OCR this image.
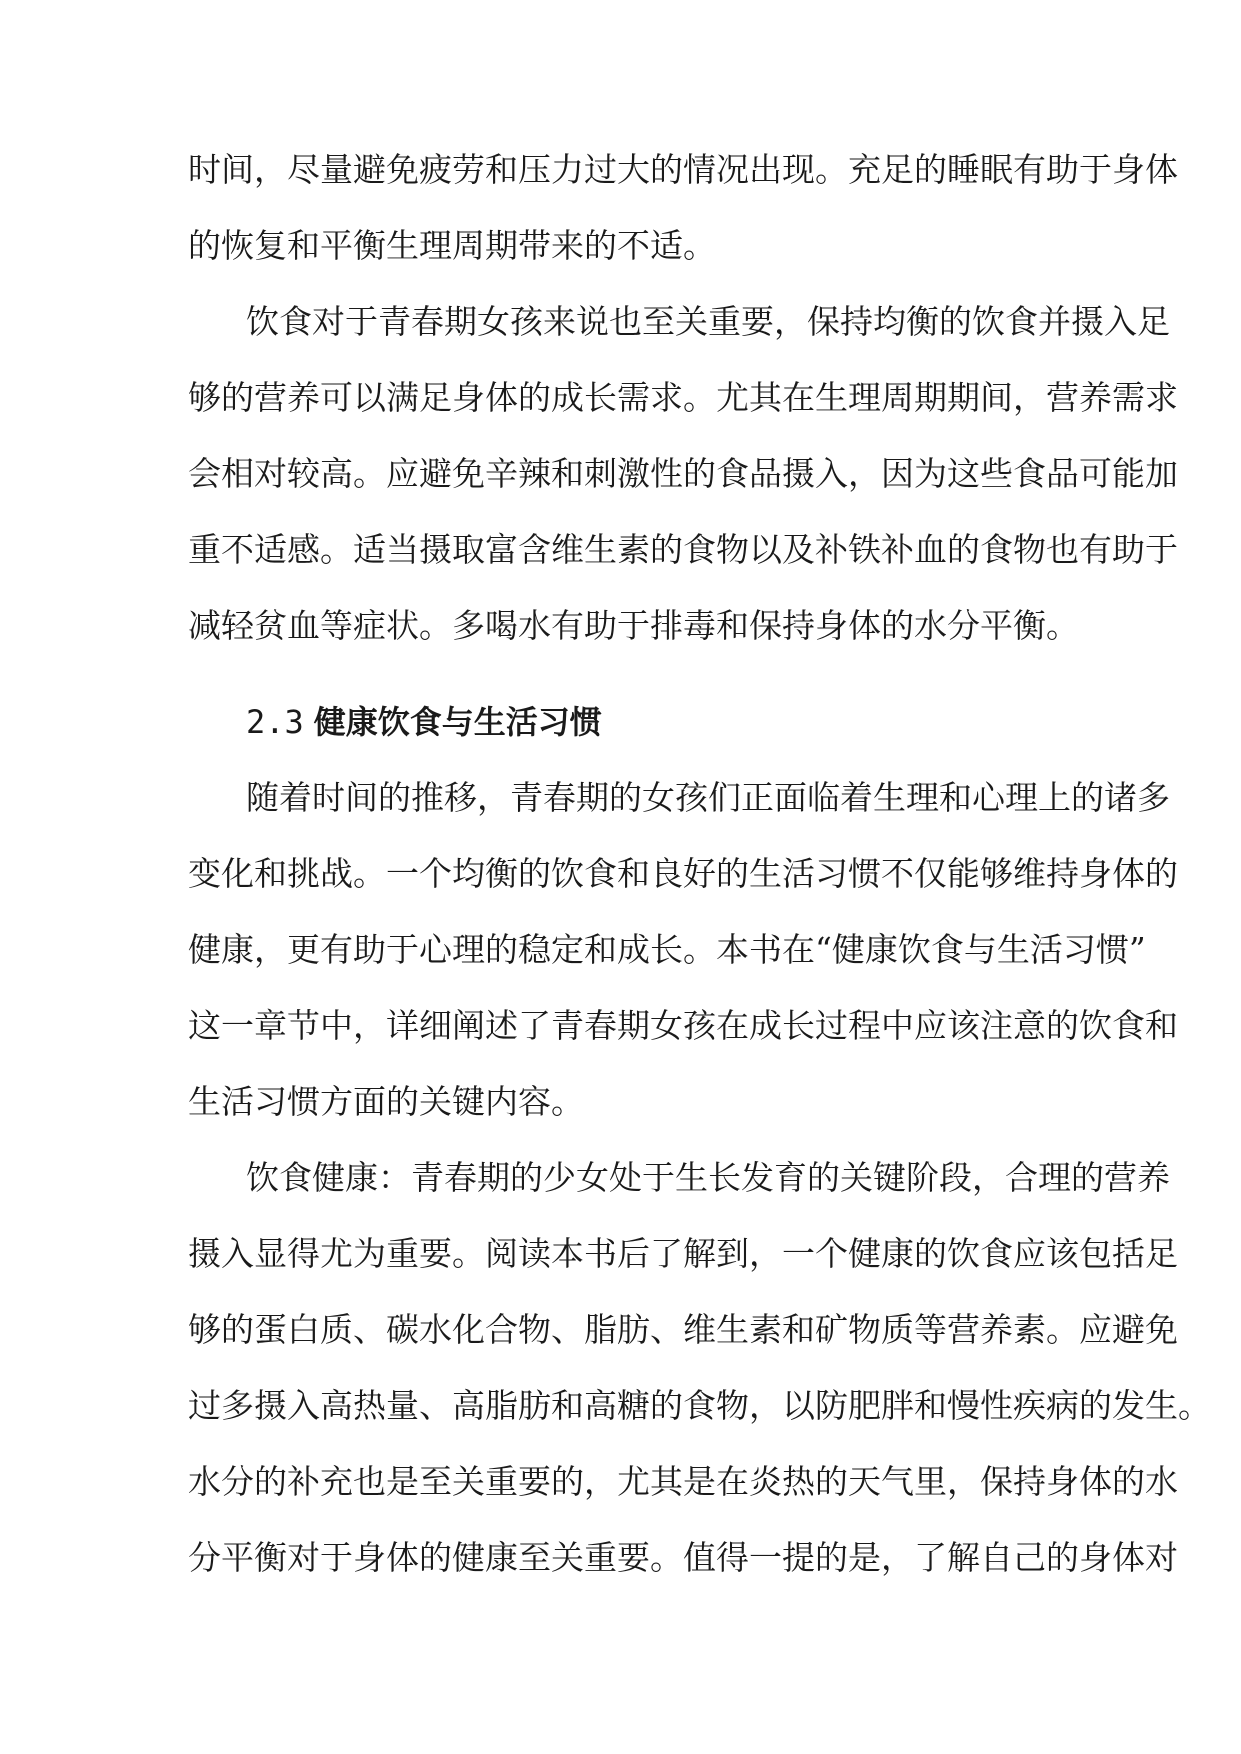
时间，尽量避免疲劳和压力过大的情况出现。充足的睡眠有助于身体
的恢复和平衡生理周期带来的不适。
饮食对于青春期女孩来说也至关重要，保持均衡的饮食并摄入足
够的营养可以满足身体的成长需求。尤其在生理周期期间，营养需求
会相对较高。应避免辛辣和刺激性的食品摄入，因为这些食品可能加
重不适感。适当摄取富含维生素的食物以及补铁补血的食物也有助于
减轻贫血等症状。多喝水有助于排毒和保持身体的水分平衡。
2.3 健康饮食与生活习惯
随着时间的推移，青春期的女孩们正面临着生理和心理上的诸多
变化和挑战。一个均衡的饮食和良好的生活习惯不仅能够维持身体的
健康，更有助于心理的稳定和成长。本书在“健康饮食与生活习惯”
这一章节中，详细阐述了青春期女孩在成长过程中应该注意的饮食和
生活习惯方面的关键内容。
饮食健康：青春期的少女处于生长发育的关键阶段，合理的营养
摄入显得尤为重要。阅读本书后了解到，一个健康的饮食应该包括足
够的蛋白质、碳水化合物、脂肪、维生素和矿物质等营养素。应避免
过多摄入高热量、高脂肪和高糖的食物，以防肥胖和慢性疾病的发生。
水分的补充也是至关重要的，尤其是在炎热的天气里，保持身体的水
分平衡对于身体的健康至关重要。值得一提的是，了解自己的身体对
